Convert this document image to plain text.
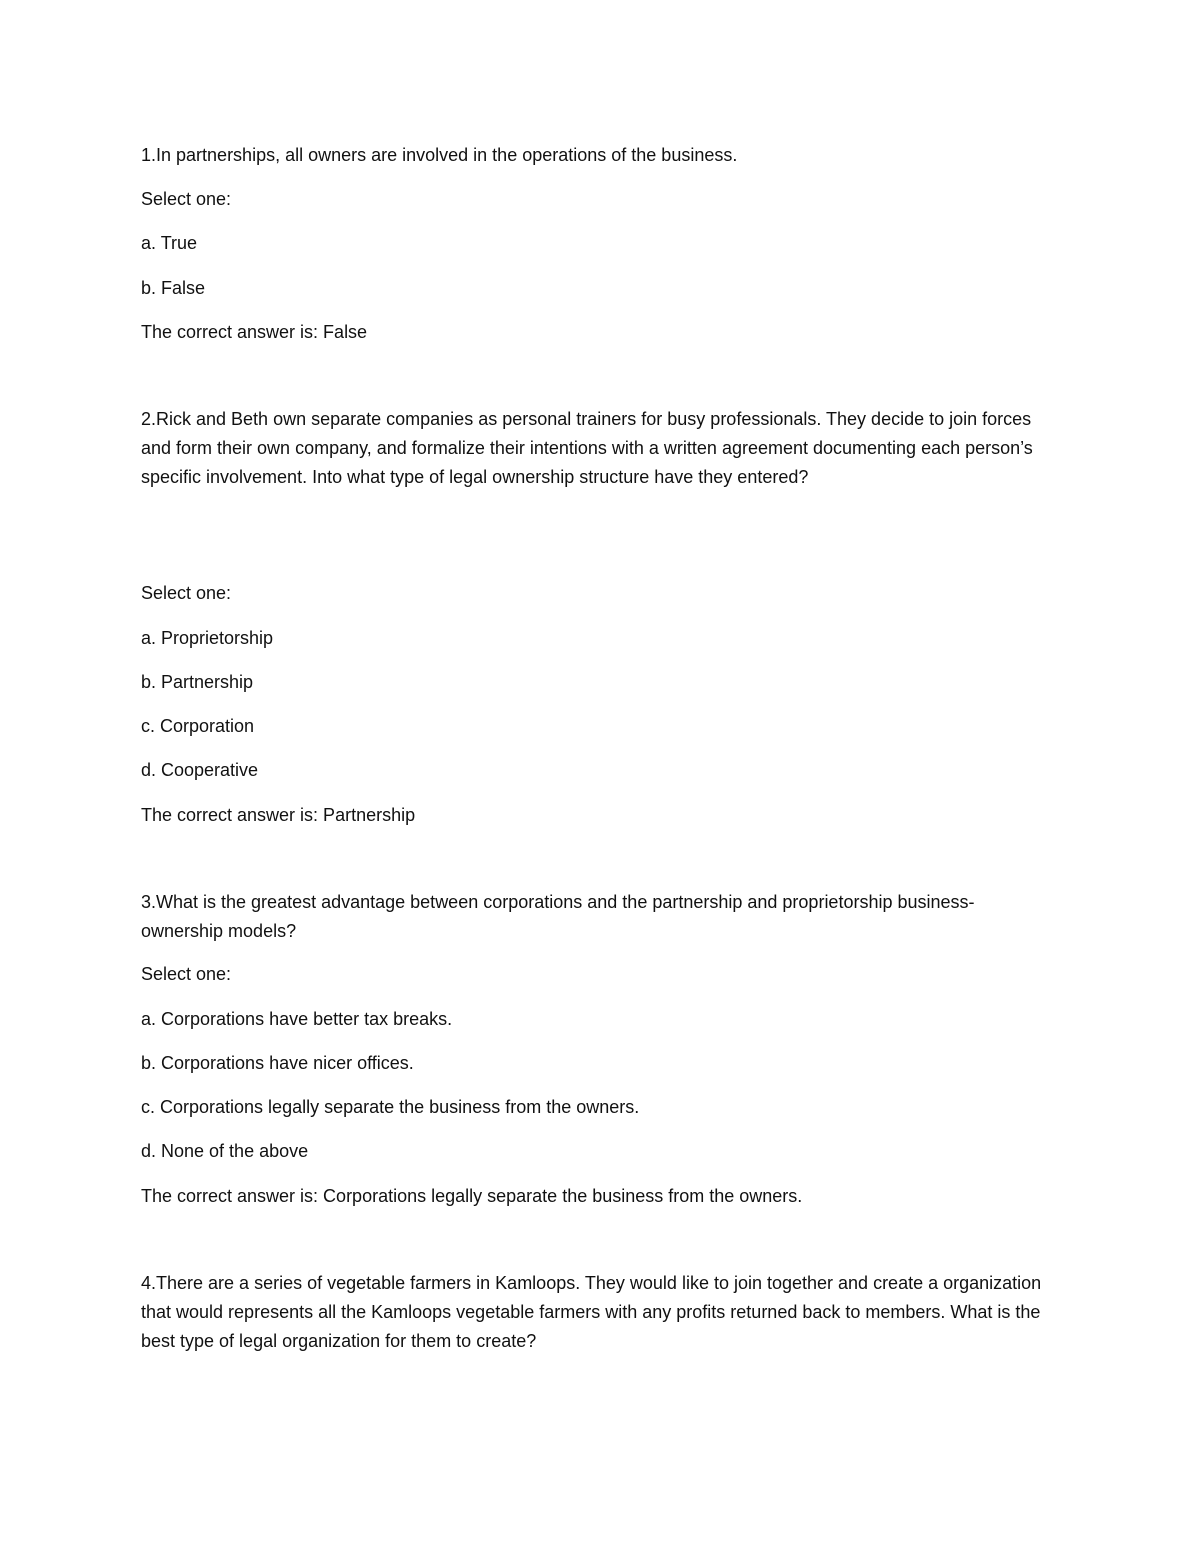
1.In partnerships, all owners are involved in the operations of the business.
Select one:
a. True
b. False
The correct answer is: False
2.Rick and Beth own separate companies as personal trainers for busy professionals. They decide to join forces and form their own company, and formalize their intentions with a written agreement documenting each person’s specific involvement. Into what type of legal ownership structure have they entered?
Select one:
a. Proprietorship
b. Partnership
c. Corporation
d. Cooperative
The correct answer is: Partnership
3.What is the greatest advantage between corporations and the partnership and proprietorship business-ownership models?
Select one:
a. Corporations have better tax breaks.
b. Corporations have nicer offices.
c. Corporations legally separate the business from the owners.
d. None of the above
The correct answer is: Corporations legally separate the business from the owners.
4.There are a series of vegetable farmers in Kamloops. They would like to join together and create a organization that would represents all the Kamloops vegetable farmers with any profits returned back to members. What is the best type of legal organization for them to create?
